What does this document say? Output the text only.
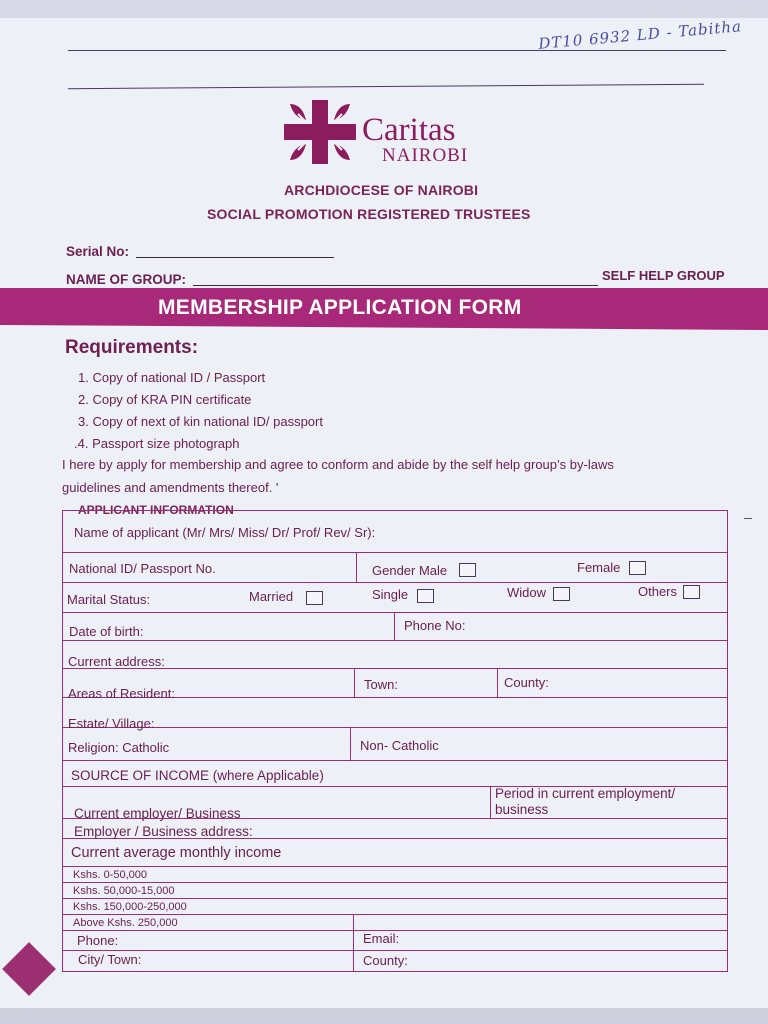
DT10 6932 LD - Tabitha
Caritas
NAIROBI
ARCHDIOCESE OF NAIROBI
SOCIAL PROMOTION REGISTERED TRUSTEES
Serial No:
NAME OF GROUP:	SELF HELP GROUP
MEMBERSHIP APPLICATION FORM
Requirements:
1. Copy of national ID / Passport
2. Copy of KRA PIN certificate
3. Copy of next of kin national ID/ passport
.4. Passport size photograph
I here by apply for membership and agree to conform and abide by the self help group’s by-laws
guidelines and amendments thereof. '
APPLICANT INFORMATION
Name of applicant (Mr/ Mrs/ Miss/ Dr/ Prof/ Rev/ Sr):
National ID/ Passport No.	Gender Male	Female
Marital Status:	Married	Single	Widow	Others
Date of birth:	Phone No:
Current address:
Areas of Resident:
Town:	County:
Estate/ Village:
Religion: Catholic	Non- Catholic
SOURCE OF INCOME (where Applicable)
Current employer/ Business
Period in current employment/
business
Employer / Business address:
Current average monthly income
Kshs. 0-50,000
Kshs. 50,000-15,000
Kshs. 150,000-250,000
Above Kshs. 250,000
Phone:	Email:
City/ Town:	County:
